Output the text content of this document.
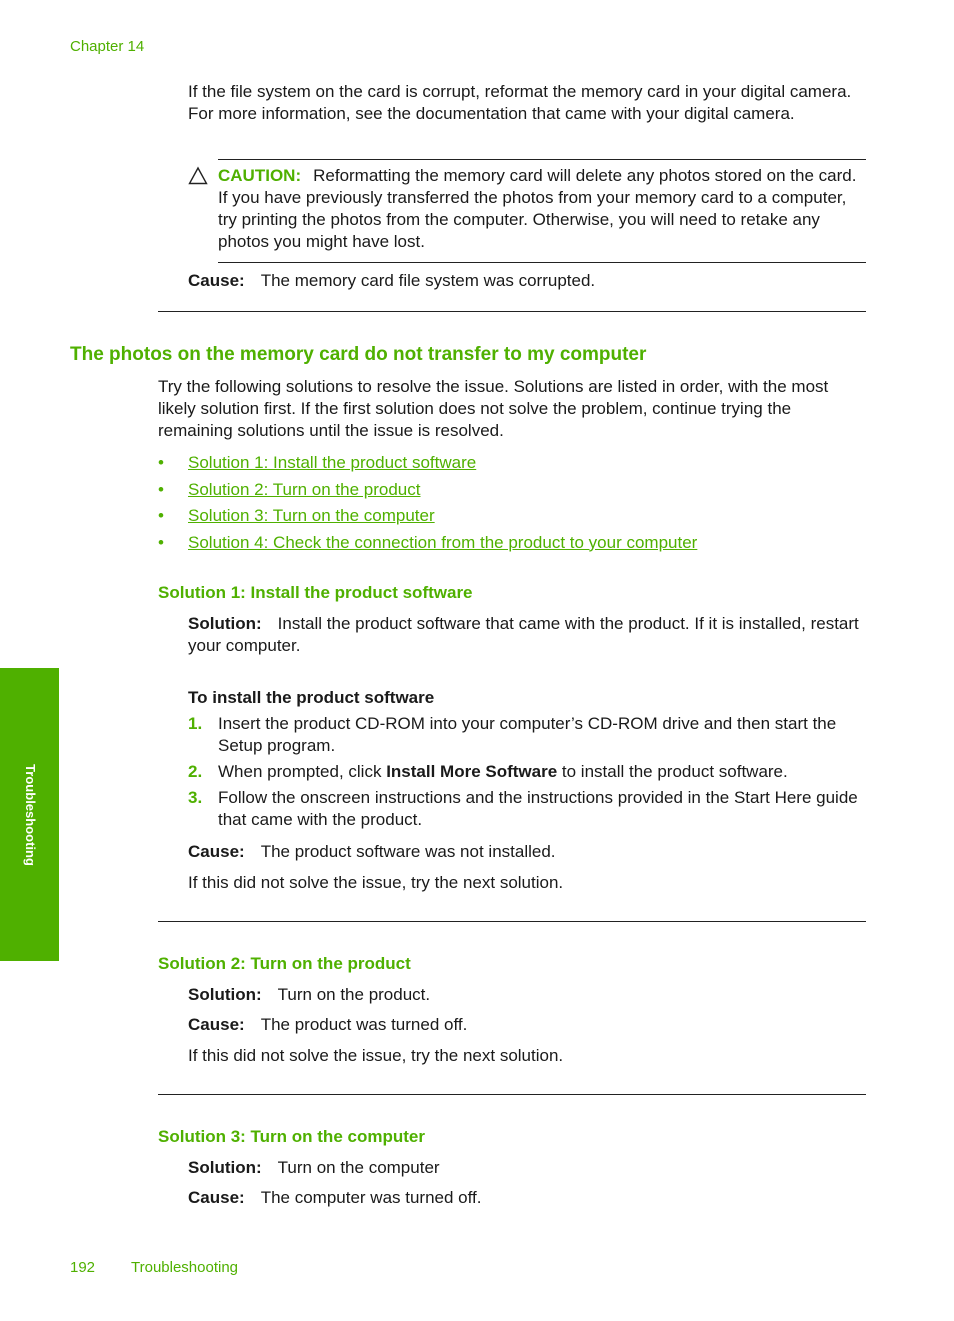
Chapter 14
If the file system on the card is corrupt, reformat the memory card in your digital camera. For more information, see the documentation that came with your digital camera.
CAUTION: Reformatting the memory card will delete any photos stored on the card. If you have previously transferred the photos from your memory card to a computer, try printing the photos from the computer. Otherwise, you will need to retake any photos you might have lost.
Cause: The memory card file system was corrupted.
The photos on the memory card do not transfer to my computer
Try the following solutions to resolve the issue. Solutions are listed in order, with the most likely solution first. If the first solution does not solve the problem, continue trying the remaining solutions until the issue is resolved.
• Solution 1: Install the product software
• Solution 2: Turn on the product
• Solution 3: Turn on the computer
• Solution 4: Check the connection from the product to your computer
Solution 1: Install the product software
Solution: Install the product software that came with the product. If it is installed, restart your computer.
To install the product software
1. Insert the product CD-ROM into your computer’s CD-ROM drive and then start the Setup program.
2. When prompted, click Install More Software to install the product software.
3. Follow the onscreen instructions and the instructions provided in the Start Here guide that came with the product.
Cause: The product software was not installed.
If this did not solve the issue, try the next solution.
Solution 2: Turn on the product
Solution: Turn on the product.
Cause: The product was turned off.
If this did not solve the issue, try the next solution.
Solution 3: Turn on the computer
Solution: Turn on the computer
Cause: The computer was turned off.
Troubleshooting
192 Troubleshooting
